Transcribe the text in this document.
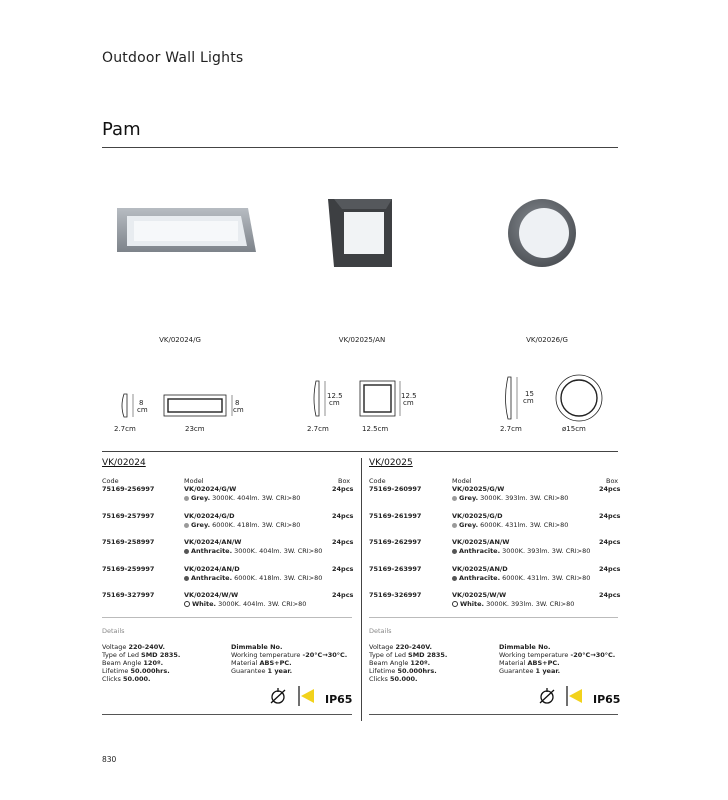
Outdoor Wall Lights
Pam
VK/02024/G	VK/02025/AN	VK/02026/G
8
cm
8
cm
2.7cm	23cm
12.5
cm
12.5
cm
2.7cm	12.5cm
15
cm
2.7cm	ø15cm
VK/02024
Code	Model	Box
75169-256997	VK/02024/G/W	24pcs
Grey. 3000K. 404lm. 3W. CRI>80
75169-257997	VK/02024/G/D	24pcs
Grey. 6000K. 418lm. 3W. CRI>80
75169-258997	VK/02024/AN/W	24pcs
Anthracite. 3000K. 404lm. 3W. CRI>80
75169-259997	VK/02024/AN/D	24pcs
Anthracite. 6000K. 418lm. 3W. CRI>80
75169-327997	VK/02024/W/W	24pcs
White. 3000K. 404lm. 3W. CRI>80
Details
Voltage 220-240V.
Type of Led SMD 2835.
Beam Angle 120º.
Lifetime 50.000hrs.
Clicks 50.000.
Dimmable No.
Working temperature -20°C→30°C.
Material ABS+PC.
Guarantee 1 year.
IP65
VK/02025
Code	Model	Box
75169-260997	VK/02025/G/W	24pcs
Grey. 3000K. 393lm. 3W. CRI>80
75169-261997	VK/02025/G/D	24pcs
Grey. 6000K. 431lm. 3W. CRI>80
75169-262997	VK/02025/AN/W	24pcs
Anthracite. 3000K. 393lm. 3W. CRI>80
75169-263997	VK/02025/AN/D	24pcs
Anthracite. 6000K. 431lm. 3W. CRI>80
75169-326997	VK/02025/W/W	24pcs
White. 3000K. 393lm. 3W. CRI>80
Details
Voltage 220-240V.
Type of Led SMD 2835.
Beam Angle 120º.
Lifetime 50.000hrs.
Clicks 50.000.
Dimmable No.
Working temperature -20°C→30°C.
Material ABS+PC.
Guarantee 1 year.
IP65
830
